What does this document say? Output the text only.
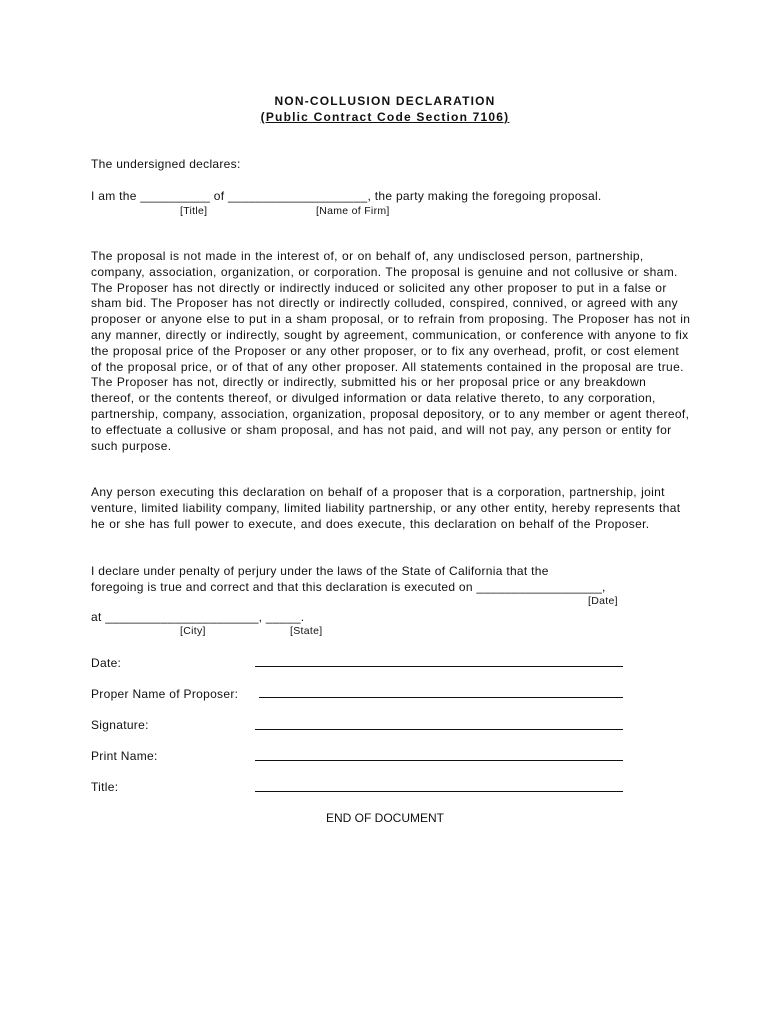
NON-COLLUSION DECLARATION
(Public Contract Code Section 7106)
The undersigned declares:
I am the __________ of ____________________, the party making the foregoing proposal.
[Title]	[Name of Firm]
The proposal is not made in the interest of, or on behalf of, any undisclosed person, partnership, company, association, organization, or corporation. The proposal is genuine and not collusive or sham. The Proposer has not directly or indirectly induced or solicited any other proposer to put in a false or sham bid. The Proposer has not directly or indirectly colluded, conspired, connived, or agreed with any proposer or anyone else to put in a sham proposal, or to refrain from proposing. The Proposer has not in any manner, directly or indirectly, sought by agreement, communication, or conference with anyone to fix the proposal price of the Proposer or any other proposer, or to fix any overhead, profit, or cost element of the proposal price, or of that of any other proposer. All statements contained in the proposal are true. The Proposer has not, directly or indirectly, submitted his or her proposal price or any breakdown thereof, or the contents thereof, or divulged information or data relative thereto, to any corporation, partnership, company, association, organization, proposal depository, or to any member or agent thereof, to effectuate a collusive or sham proposal, and has not paid, and will not pay, any person or entity for such purpose.
Any person executing this declaration on behalf of a proposer that is a corporation, partnership, joint venture, limited liability company, limited liability partnership, or any other entity, hereby represents that he or she has full power to execute, and does execute, this declaration on behalf of the Proposer.
I declare under penalty of perjury under the laws of the State of California that the
foregoing is true and correct and that this declaration is executed on __________________,
[Date]
at ______________________, _____.
[City]	[State]
Date:
Proper Name of Proposer:
Signature:
Print Name:
Title:
END OF DOCUMENT
